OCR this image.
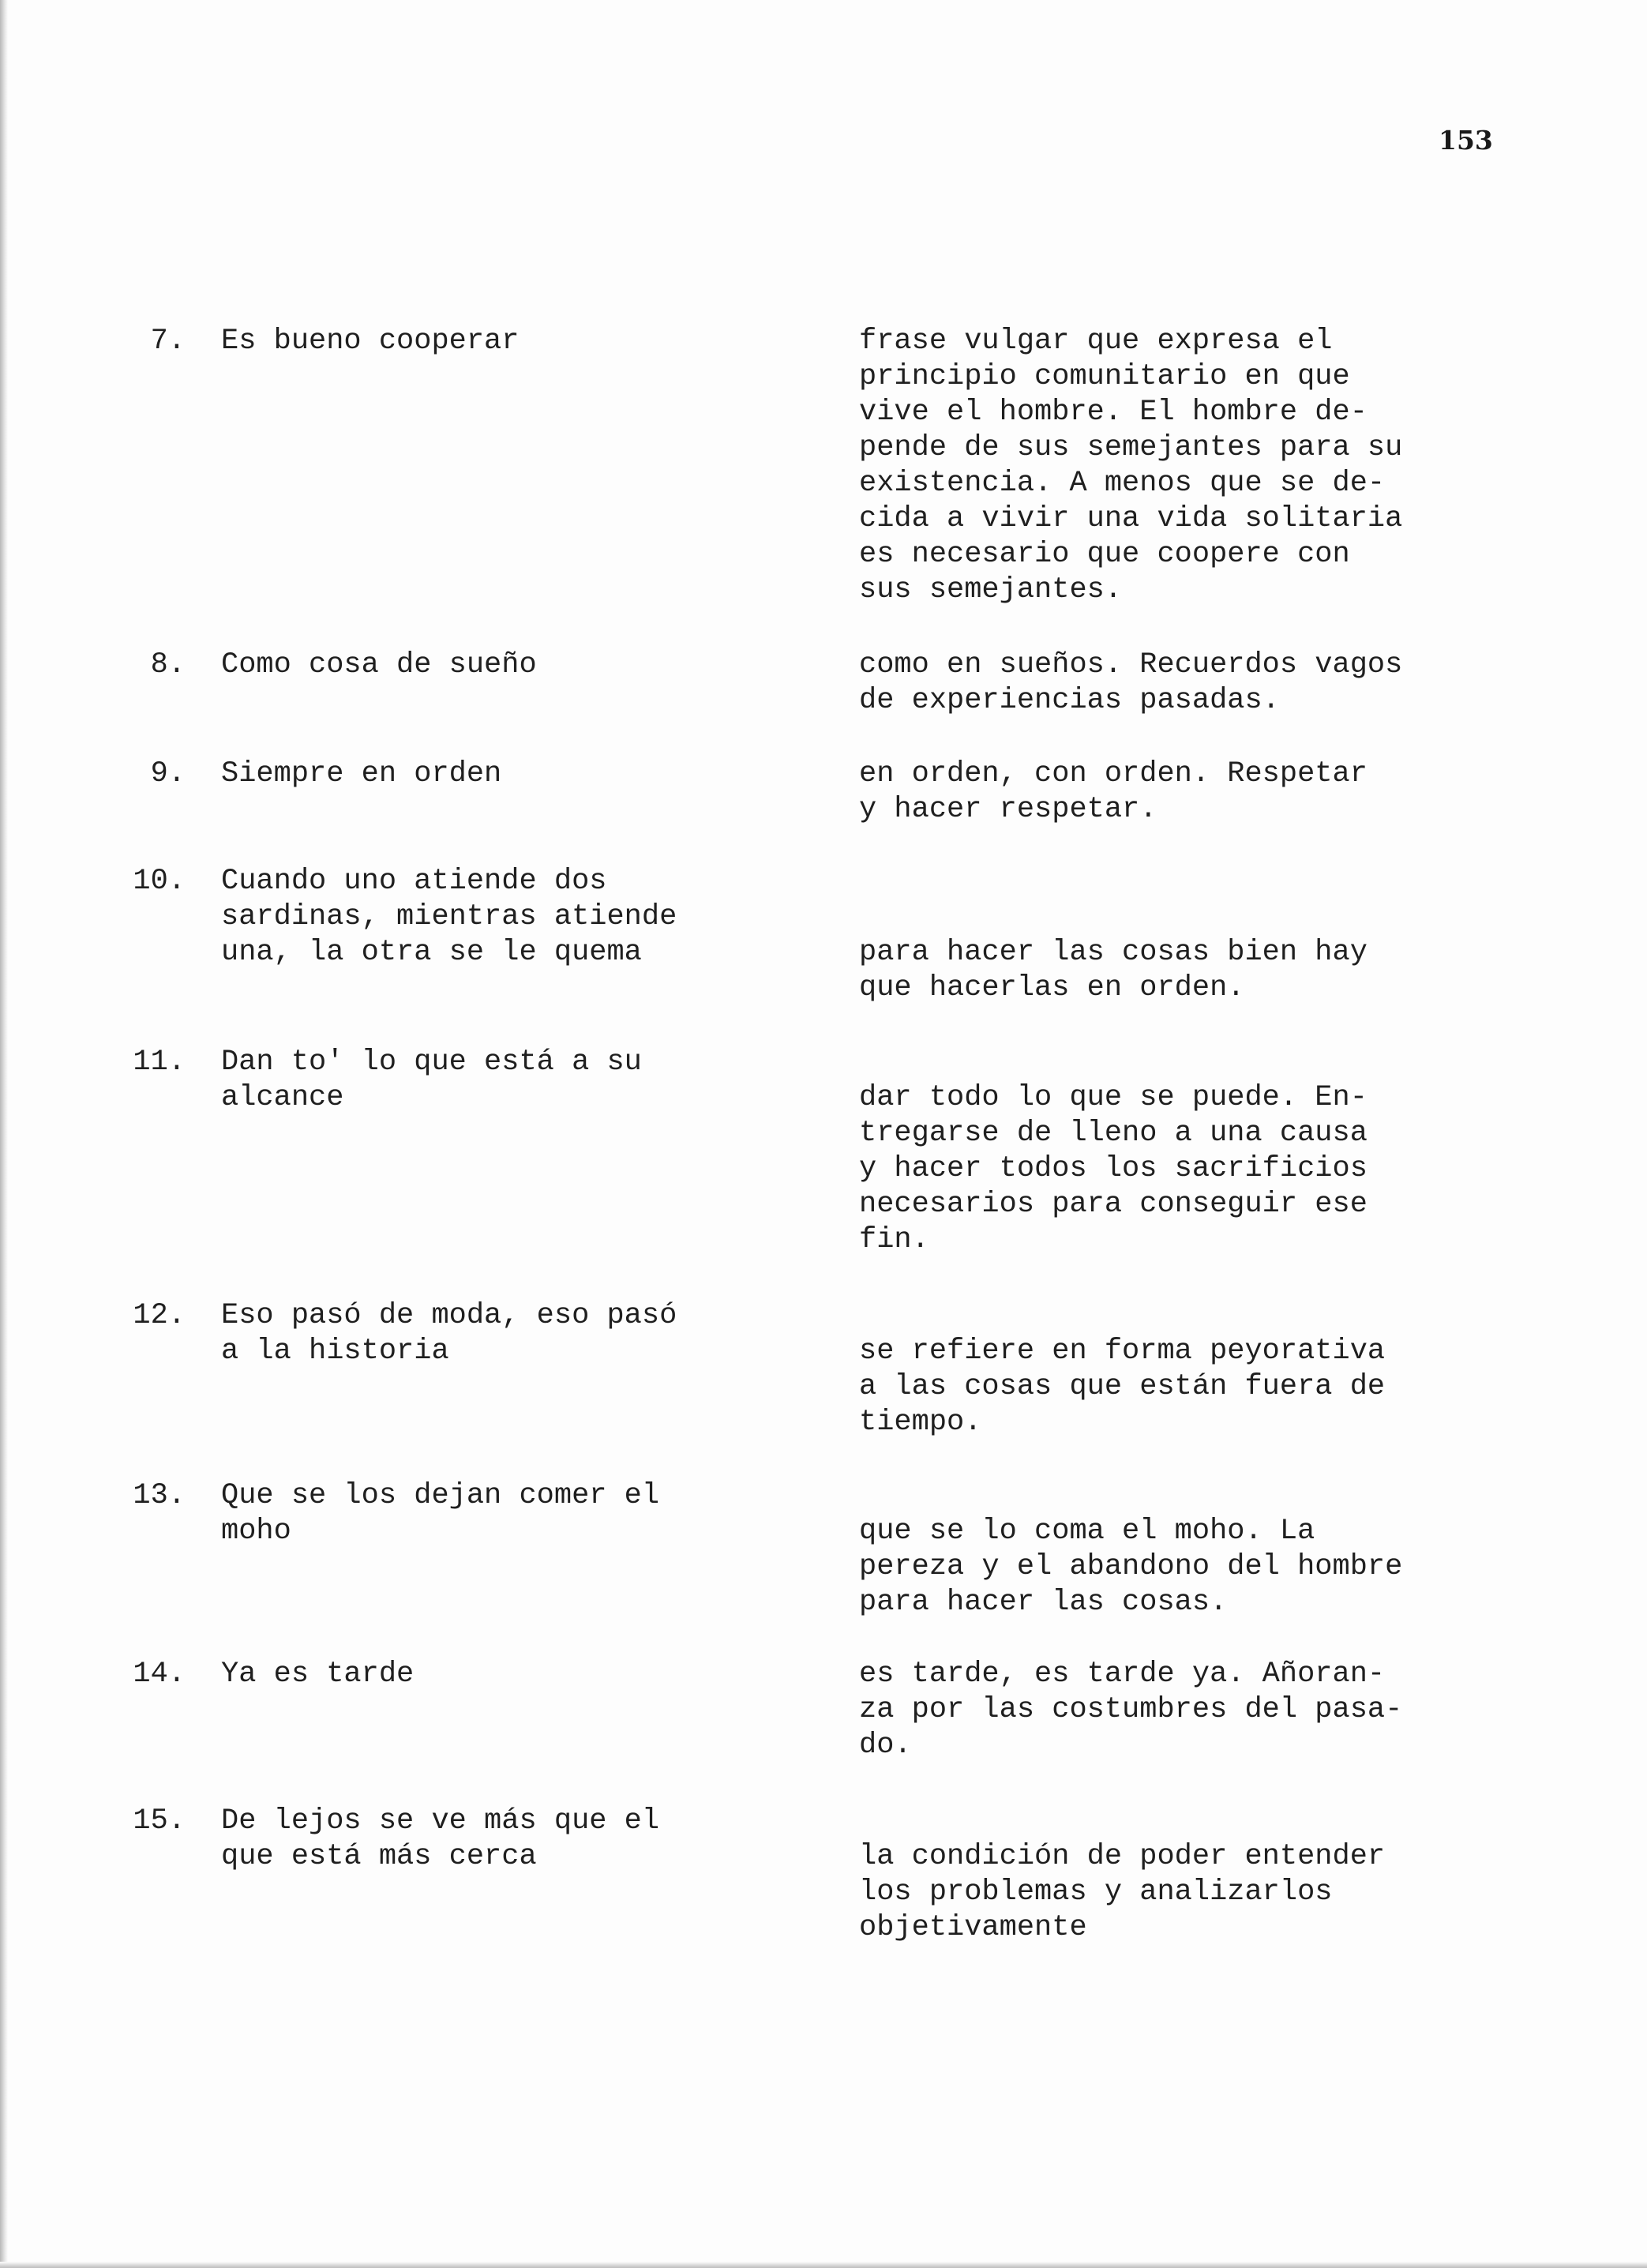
153
7. Es bueno cooperar	frase vulgar que expresa el
principio comunitario en que
vive el hombre. El hombre de-
pende de sus semejantes para su
existencia. A menos que se de-
cida a vivir una vida solitaria
es necesario que coopere con
sus semejantes.
8. Como cosa de sueño	como en sueños. Recuerdos vagos
de experiencias pasadas.
9. Siempre en orden	en orden, con orden. Respetar
y hacer respetar.
10. Cuando uno atiende dos
sardinas, mientras atiende
una, la otra se le quema	para hacer las cosas bien hay
que hacerlas en orden.
11. Dan to' lo que está a su
alcance	dar todo lo que se puede. En-
tregarse de lleno a una causa
y hacer todos los sacrificios
necesarios para conseguir ese
fin.
12. Eso pasó de moda, eso pasó
a la historia	se refiere en forma peyorativa
a las cosas que están fuera de
tiempo.
13. Que se los dejan comer el
moho	que se lo coma el moho. La
pereza y el abandono del hombre
para hacer las cosas.
14. Ya es tarde	es tarde, es tarde ya. Añoran-
za por las costumbres del pasa-
do.
15. De lejos se ve más que el
que está más cerca	la condición de poder entender
los problemas y analizarlos
objetivamente
